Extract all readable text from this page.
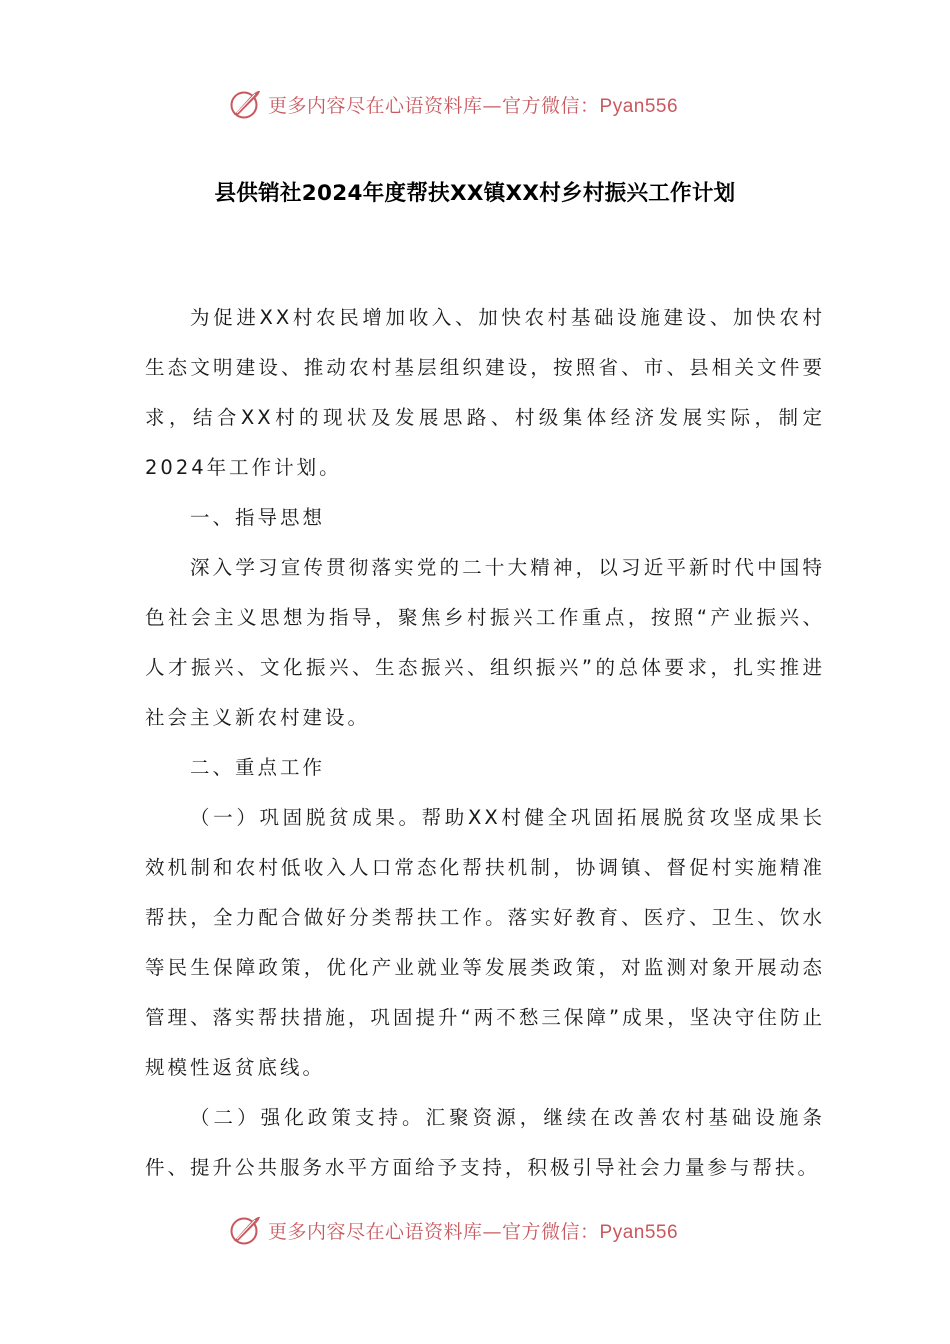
更多内容尽在心语资料库—官方微信：Pyan556
县供销社2024年度帮扶XX镇XX村乡村振兴工作计划

为促进XX村农民增加收入、加快农村基础设施建设、加快农村生态文明建设、推动农村基层组织建设，按照省、市、县相关文件要求，结合XX村的现状及发展思路、村级集体经济发展实际，制定2024年工作计划。

一、指导思想

深入学习宣传贯彻落实党的二十大精神，以习近平新时代中国特色社会主义思想为指导，聚焦乡村振兴工作重点，按照“产业振兴、人才振兴、文化振兴、生态振兴、组织振兴”的总体要求，扎实推进社会主义新农村建设。

二、重点工作

（一）巩固脱贫成果。帮助XX村健全巩固拓展脱贫攻坚成果长效机制和农村低收入人口常态化帮扶机制，协调镇、督促村实施精准帮扶，全力配合做好分类帮扶工作。落实好教育、医疗、卫生、饮水等民生保障政策，优化产业就业等发展类政策，对监测对象开展动态管理、落实帮扶措施，巩固提升“两不愁三保障”成果，坚决守住防止规模性返贫底线。

（二）强化政策支持。汇聚资源，继续在改善农村基础设施条件、提升公共服务水平方面给予支持，积极引导社会力量参与帮扶。

更多内容尽在心语资料库—官方微信：Pyan556
